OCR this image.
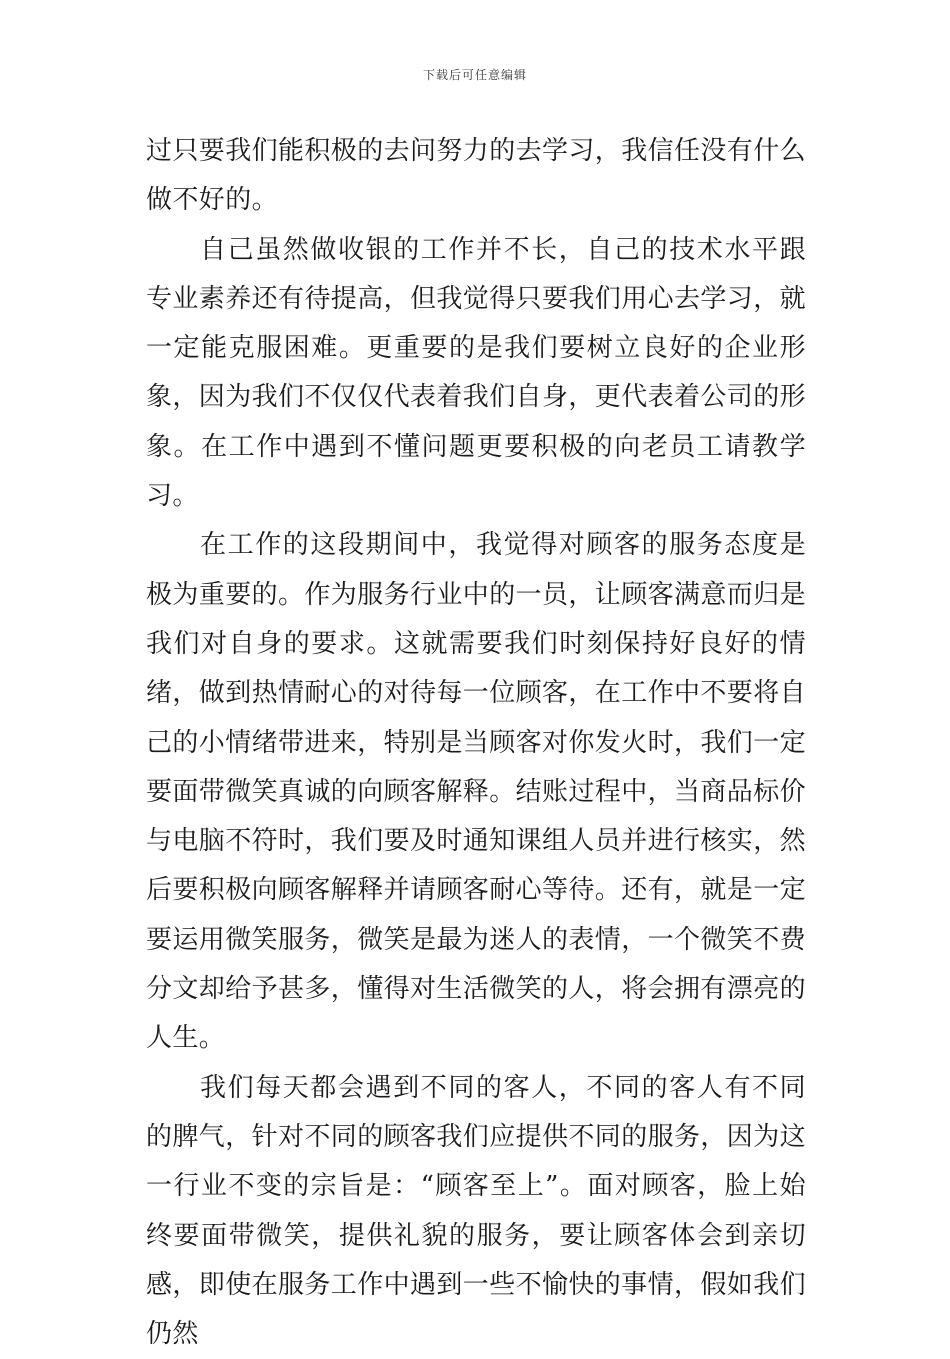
下载后可任意编辑

过只要我们能积极的去问努力的去学习，我信任没有什么做不好的。

自己虽然做收银的工作并不长，自己的技术水平跟专业素养还有待提高，但我觉得只要我们用心去学习，就一定能克服困难。更重要的是我们要树立良好的企业形象，因为我们不仅仅代表着我们自身，更代表着公司的形象。在工作中遇到不懂问题更要积极的向老员工请教学习。

在工作的这段期间中，我觉得对顾客的服务态度是极为重要的。作为服务行业中的一员，让顾客满意而归是我们对自身的要求。这就需要我们时刻保持好良好的情绪，做到热情耐心的对待每一位顾客，在工作中不要将自己的小情绪带进来，特别是当顾客对你发火时，我们一定要面带微笑真诚的向顾客解释。结账过程中，当商品标价与电脑不符时，我们要及时通知课组人员并进行核实，然后要积极向顾客解释并请顾客耐心等待。还有，就是一定要运用微笑服务，微笑是最为迷人的表情，一个微笑不费分文却给予甚多，懂得对生活微笑的人，将会拥有漂亮的人生。

我们每天都会遇到不同的客人，不同的客人有不同的脾气，针对不同的顾客我们应提供不同的服务，因为这一行业不变的宗旨是：“顾客至上”。面对顾客，脸上始终要面带微笑，提供礼貌的服务，要让顾客体会到亲切感，即使在服务工作中遇到一些不愉快的事情，假如我们仍然
